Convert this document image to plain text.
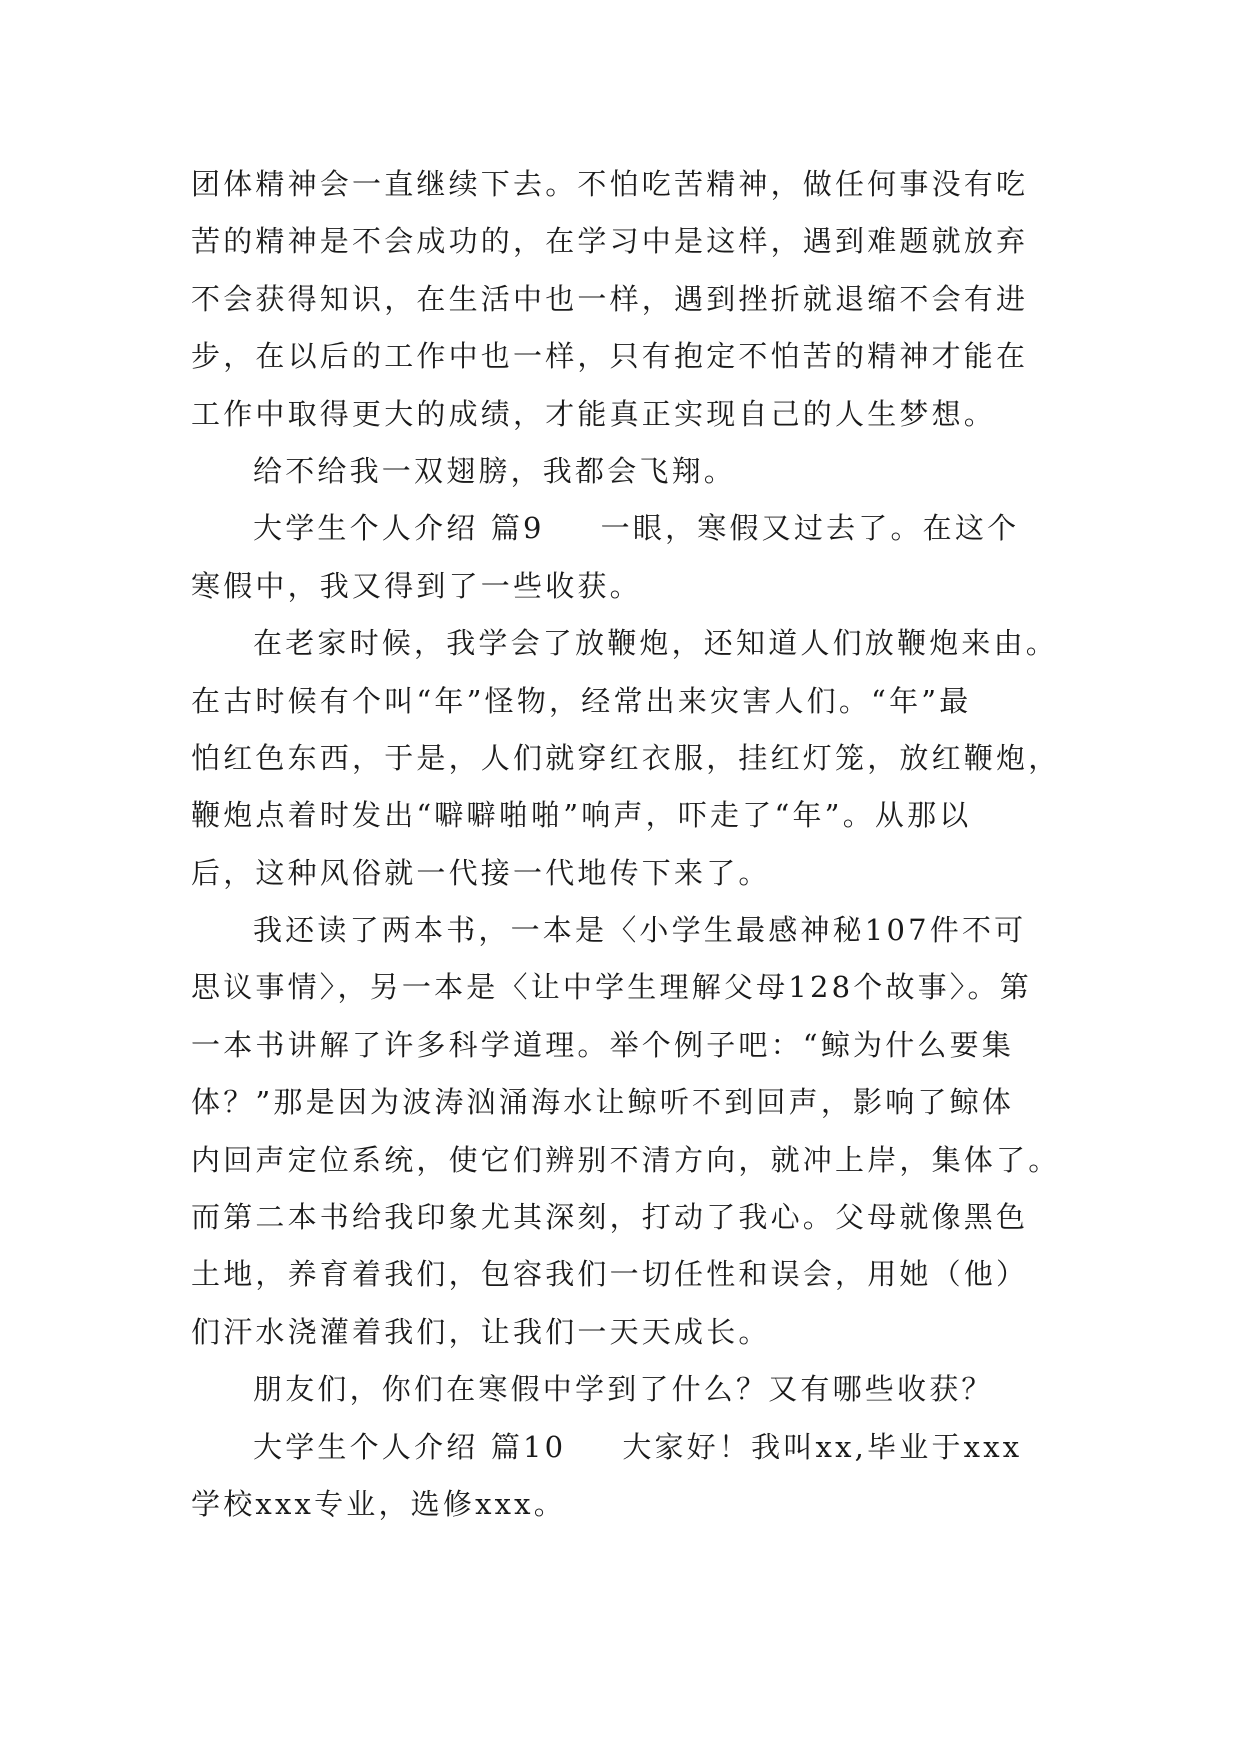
团体精神会一直继续下去。不怕吃苦精神，做任何事没有吃
苦的精神是不会成功的，在学习中是这样，遇到难题就放弃
不会获得知识，在生活中也一样，遇到挫折就退缩不会有进
步，在以后的工作中也一样，只有抱定不怕苦的精神才能在
工作中取得更大的成绩，才能真正实现自己的人生梦想。
给不给我一双翅膀，我都会飞翔。
大学生个人介绍 篇9 一眼，寒假又过去了。在这个
寒假中，我又得到了一些收获。
在老家时候，我学会了放鞭炮，还知道人们放鞭炮来由。
在古时候有个叫“年”怪物，经常出来灾害人们。“年”最
怕红色东西，于是，人们就穿红衣服，挂红灯笼，放红鞭炮，
鞭炮点着时发出“噼噼啪啪”响声，吓走了“年”。从那以
后，这种风俗就一代接一代地传下来了。
我还读了两本书，一本是〈小学生最感神秘107件不可
思议事情〉，另一本是〈让中学生理解父母128个故事〉。第
一本书讲解了许多科学道理。举个例子吧：“鲸为什么要集
体？”那是因为波涛汹涌海水让鲸听不到回声，影响了鲸体
内回声定位系统，使它们辨别不清方向，就冲上岸，集体了。
而第二本书给我印象尤其深刻，打动了我心。父母就像黑色
土地，养育着我们，包容我们一切任性和误会，用她（他）
们汗水浇灌着我们，让我们一天天成长。
朋友们，你们在寒假中学到了什么？又有哪些收获？
大学生个人介绍 篇10 大家好！我叫xx,毕业于xxx
学校xxx专业，选修xxx。
